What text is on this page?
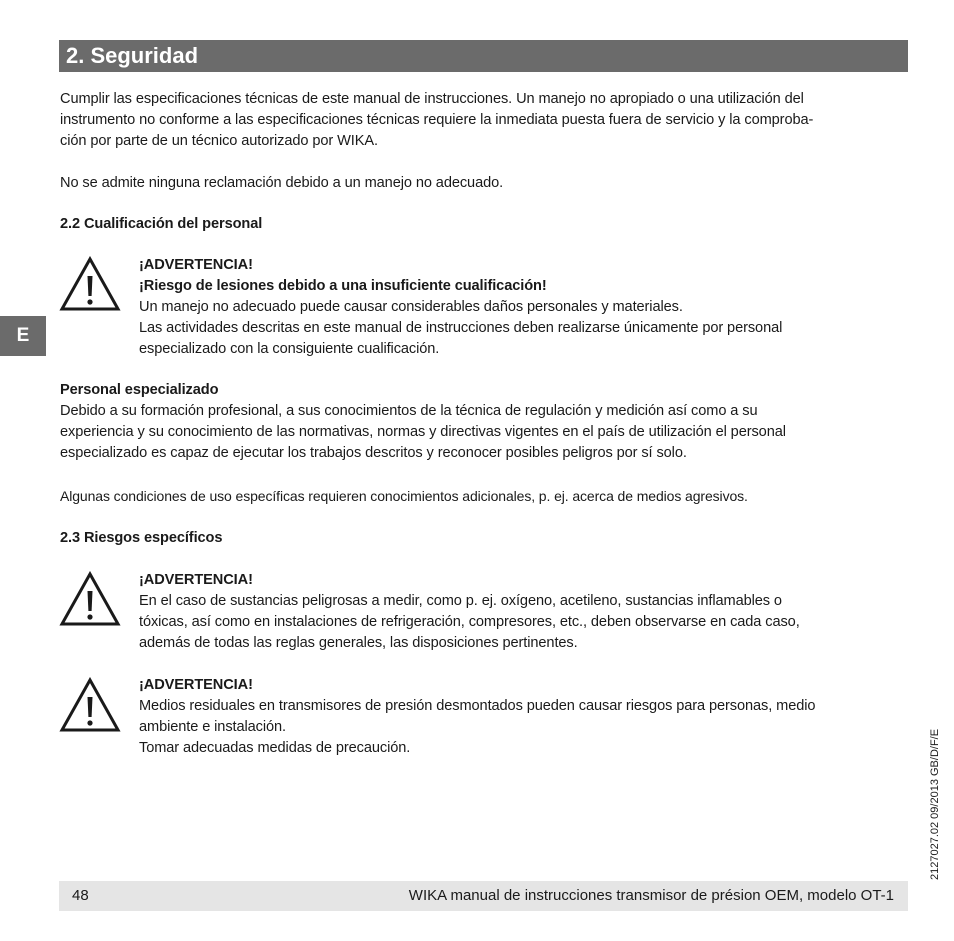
2. Seguridad
Cumplir las especificaciones técnicas de este manual de instrucciones. Un manejo no apropiado o una utilización del
instrumento no conforme a las especificaciones técnicas requiere la inmediata puesta fuera de servicio y la comproba-
ción por parte de un técnico autorizado por WIKA.
No se admite ninguna reclamación debido a un manejo no adecuado.
2.2 Cualificación del personal
¡ADVERTENCIA!
¡Riesgo de lesiones debido a una insuficiente cualificación!
Un manejo no adecuado puede causar considerables daños personales y materiales.
Las actividades descritas en este manual de instrucciones deben realizarse únicamente por personal
especializado con la consiguiente cualificación.
Personal especializado
Debido a su formación profesional, a sus conocimientos de la técnica de regulación y medición así como a su
experiencia y su conocimiento de las normativas, normas y directivas vigentes en el país de utilización el personal
especializado es capaz de ejecutar los trabajos descritos y reconocer posibles peligros por sí solo.
Algunas condiciones de uso específicas requieren conocimientos adicionales, p. ej. acerca de medios agresivos.
2.3 Riesgos específicos
¡ADVERTENCIA!
En el caso de sustancias peligrosas a medir, como p. ej. oxígeno, acetileno, sustancias inflamables o
tóxicas, así como en instalaciones de refrigeración, compresores, etc., deben observarse en cada caso,
además de todas las reglas generales, las disposiciones pertinentes.
¡ADVERTENCIA!
Medios residuales en transmisores de presión desmontados pueden causar riesgos para personas, medio
ambiente e instalación.
Tomar adecuadas medidas de precaución.
E
48	WIKA manual de instrucciones transmisor de présion OEM, modelo OT-1
2127027.02 09/2013 GB/D/F/E
